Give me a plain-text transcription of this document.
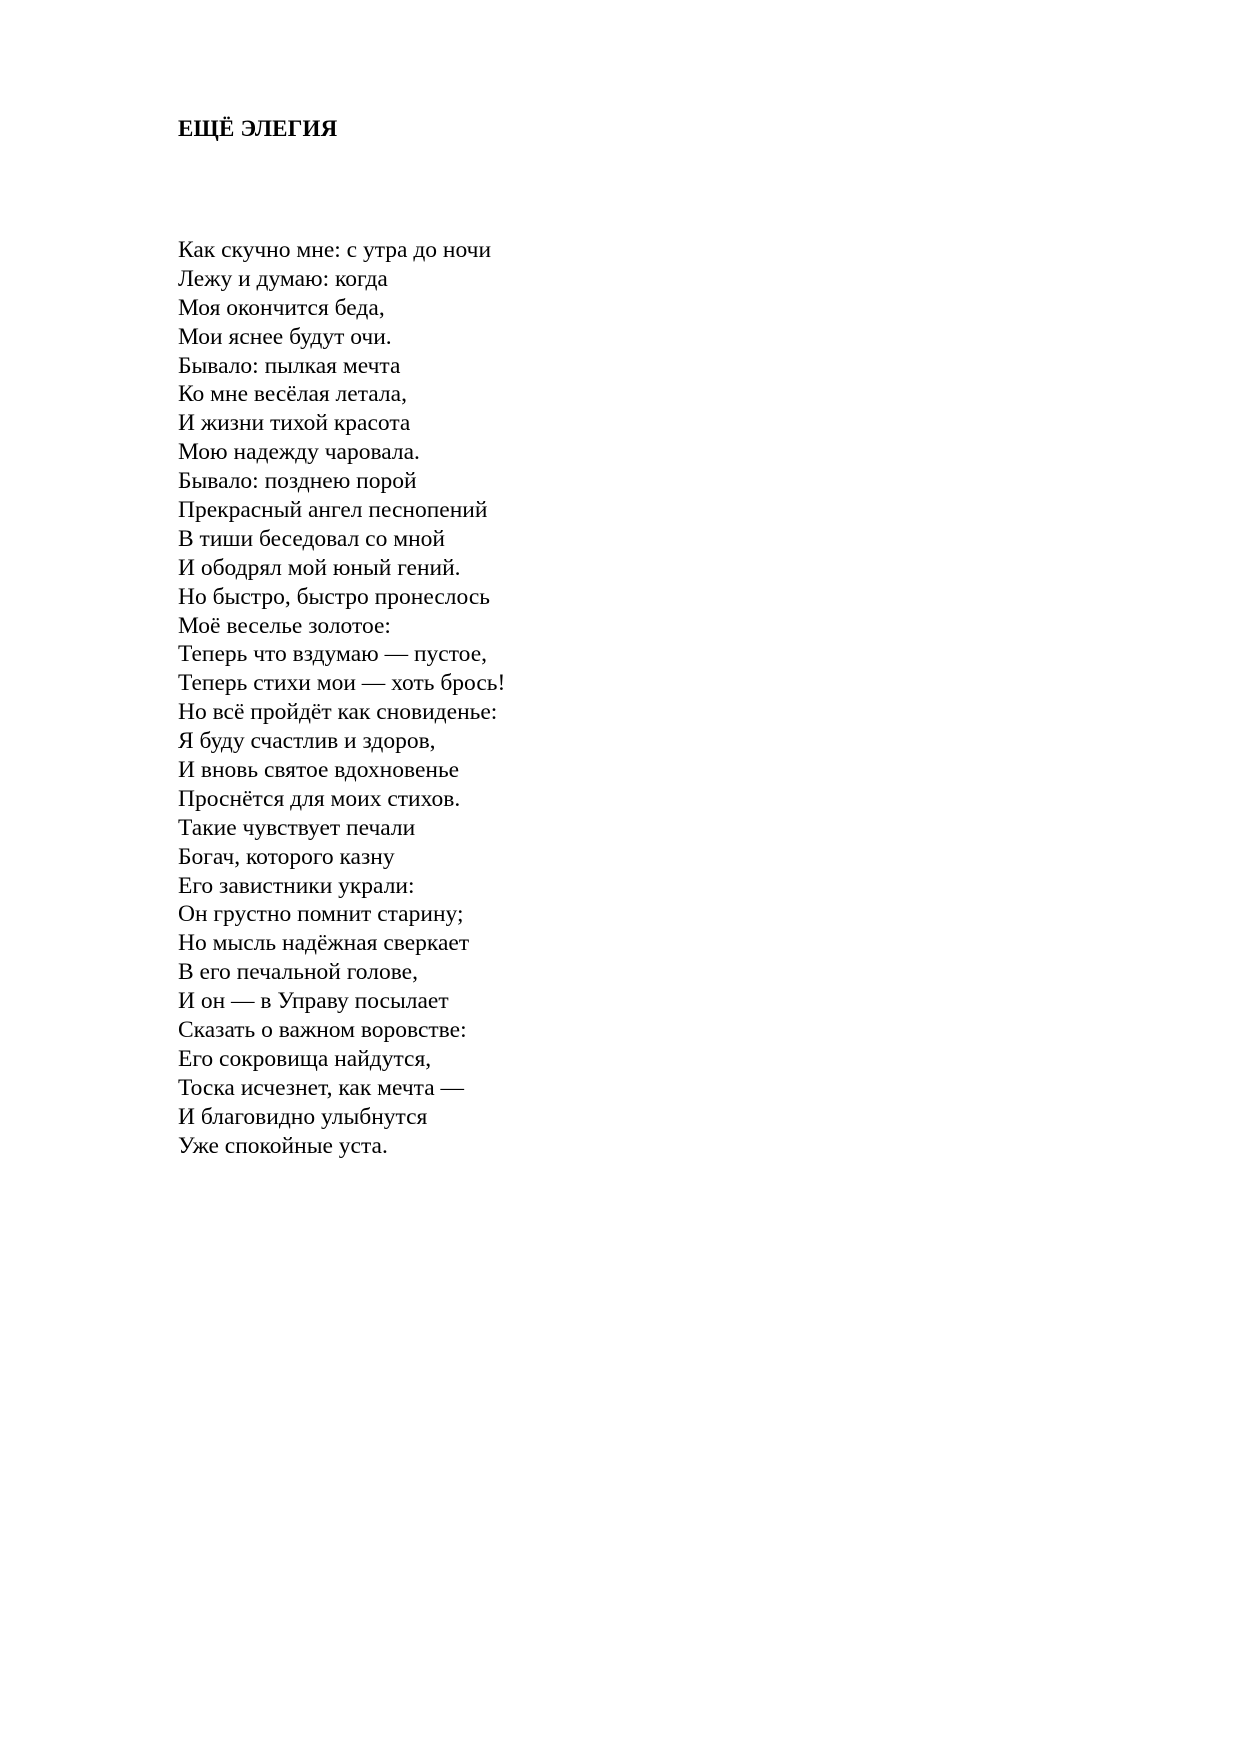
ЕЩЁ ЭЛЕГИЯ
Как скучно мне: с утра до ночи
Лежу и думаю: когда
Моя окончится беда,
Мои яснее будут очи.
Бывало: пылкая мечта
Ко мне весёлая летала,
И жизни тихой красота
Мою надежду чаровала.
Бывало: позднею порой
Прекрасный ангел песнопений
В тиши беседовал со мной
И ободрял мой юный гений.
Но быстро, быстро пронеслось
Моё веселье золотое:
Теперь что вздумаю — пустое,
Теперь стихи мои — хоть брось!
Но всё пройдёт как сновиденье:
Я буду счастлив и здоров,
И вновь святое вдохновенье
Проснётся для моих стихов.
Такие чувствует печали
Богач, которого казну
Его завистники украли:
Он грустно помнит старину;
Но мысль надёжная сверкает
В его печальной голове,
И он — в Управу посылает
Сказать о важном воровстве:
Его сокровища найдутся,
Тоска исчезнет, как мечта —
И благовидно улыбнутся
Уже спокойные уста.
